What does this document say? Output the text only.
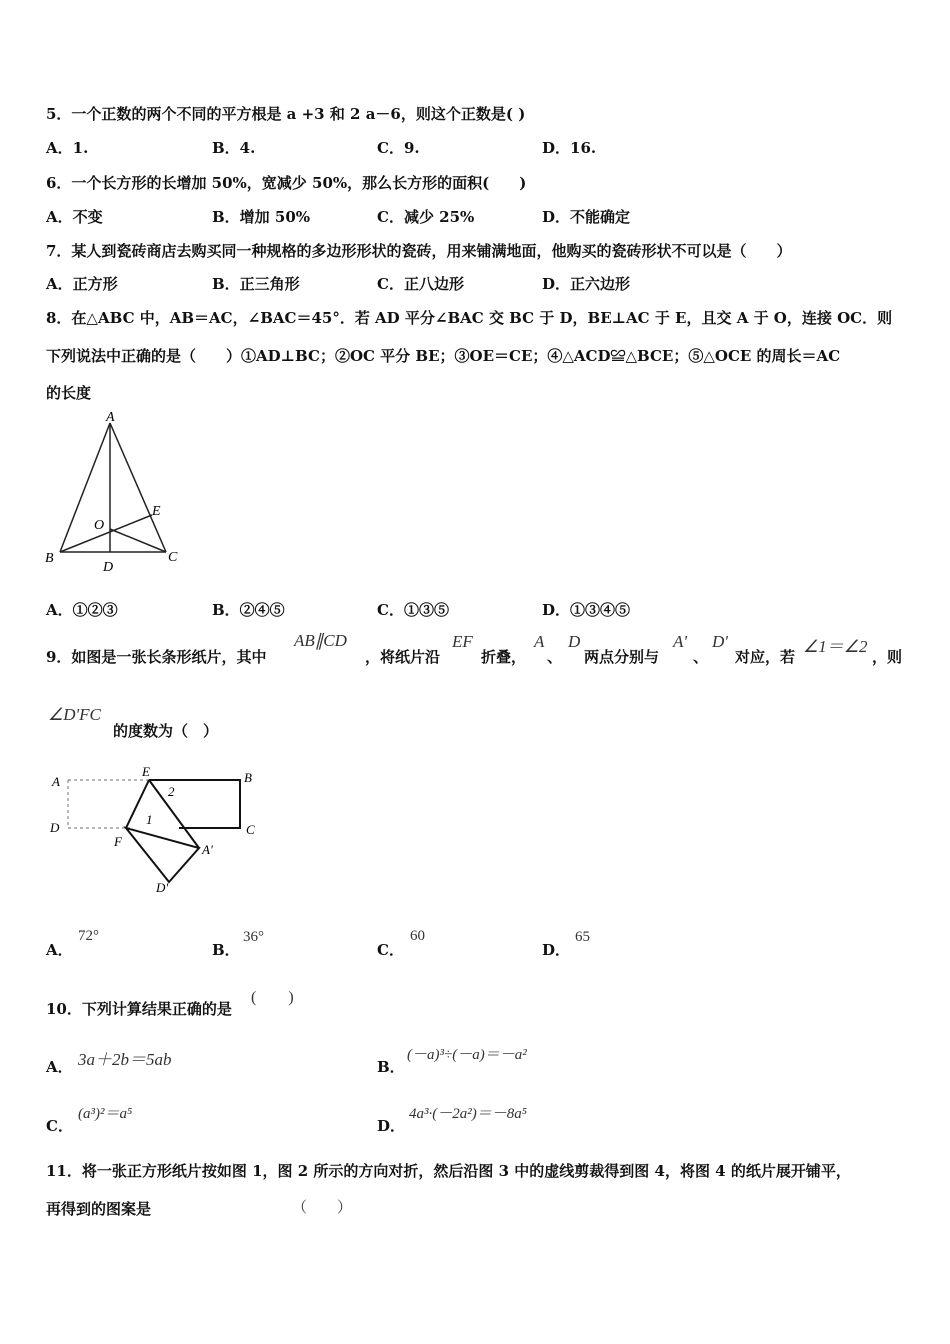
5．一个正数的两个不同的平方根是 a +3 和 2 a－6，则这个正数是( )
A．1.	B．4.	C．9.	D．16.
6．一个长方形的长增加 50%，宽减少 50%，那么长方形的面积(　　)
A．不变	B．增加 50%	C．减少 25%	D．不能确定
7．某人到瓷砖商店去购买同一种规格的多边形形状的瓷砖，用来铺满地面，他购买的瓷砖形状不可以是（　　）
A．正方形	B．正三角形	C．正八边形	D．正六边形
8．在△ABC 中，AB＝AC，∠BAC＝45°．若 AD 平分∠BAC 交 BC 于 D，BE⊥AC 于 E，且交 A 于 O，连接 OC．则
下列说法中正确的是（　　）①AD⊥BC；②OC 平分 BE；③OE＝CE；④△ACD≌△BCE；⑤△OCE 的周长＝AC
的长度
A
B	C
D
E
O
A．①②③	B．②④⑤	C．①③⑤	D．①③④⑤
9．如图是一张长条形纸片，其中
AB∥CD
，将纸片沿
EF
折叠，
A
、
D
两点分别与
A'
、
D'
对应，若
∠1＝∠2
，则
∠D'FC
的度数为（　）
A
D
E	B
C
F
A'
D'
1
2
A．
72°
B．
36°
C．
60
D．
65
10．下列计算结果正确的是
(　　)
A． 3a＋2b＝5ab	B．
(－a)³÷(－a)＝－a²
C．
(a³)²＝a⁵
D．
4a³·(－2a²)＝－8a⁵
11．将一张正方形纸片按如图 1，图 2 所示的方向对折，然后沿图 3 中的虚线剪裁得到图 4，将图 4 的纸片展开铺平，
再得到的图案是	（　　）
